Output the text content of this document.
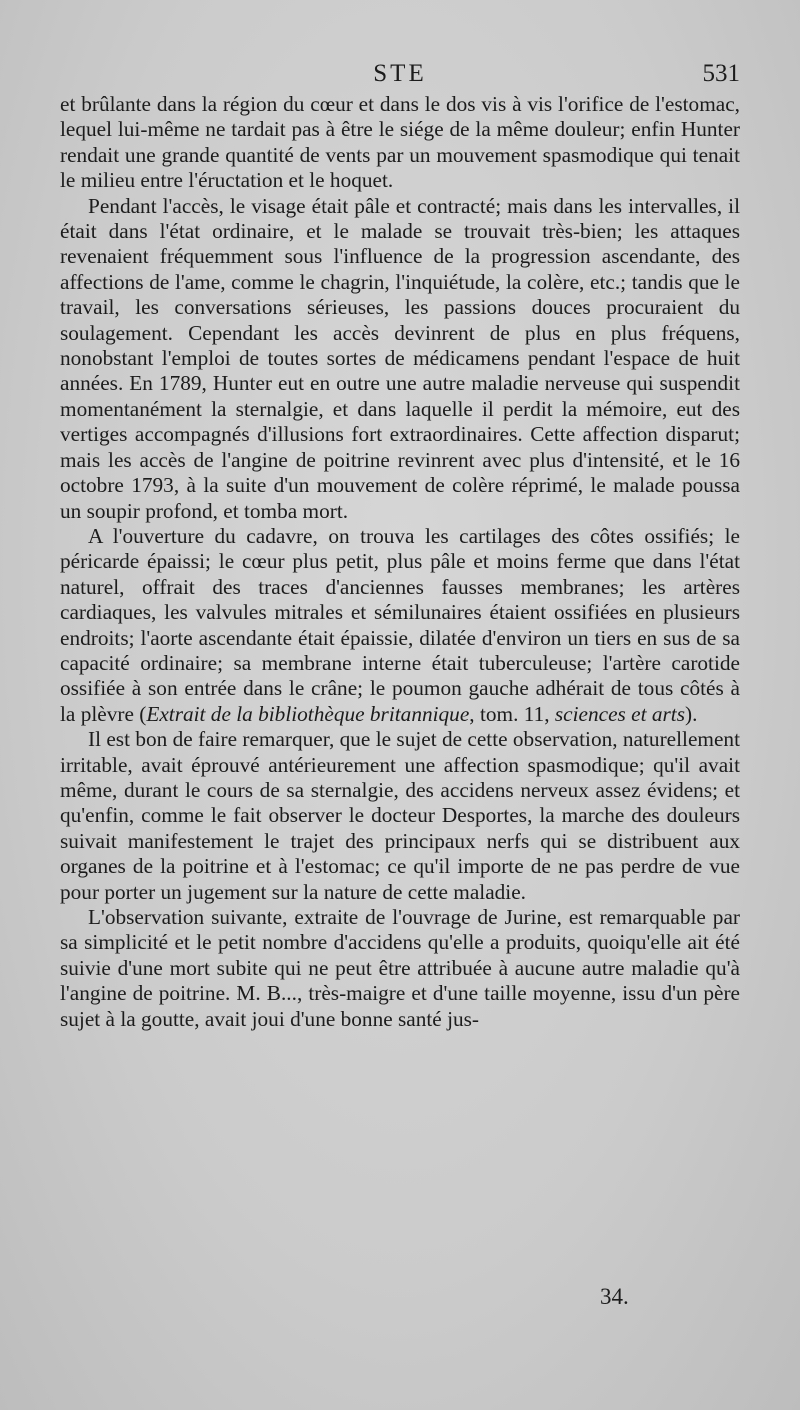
STE	531

et brûlante dans la région du cœur et dans le dos vis à vis l'orifice de l'estomac, lequel lui-même ne tardait pas à être le siége de la même douleur; enfin Hunter rendait une grande quantité de vents par un mouvement spasmodique qui tenait le milieu entre l'éructation et le hoquet.

Pendant l'accès, le visage était pâle et contracté; mais dans les intervalles, il était dans l'état ordinaire, et le malade se trouvait très-bien; les attaques revenaient fréquemment sous l'influence de la progression ascendante, des affections de l'ame, comme le chagrin, l'inquiétude, la colère, etc.; tandis que le travail, les conversations sérieuses, les passions douces procuraient du soulagement. Cependant les accès devinrent de plus en plus fréquens, nonobstant l'emploi de toutes sortes de médicamens pendant l'espace de huit années. En 1789, Hunter eut en outre une autre maladie nerveuse qui suspendit momentanément la sternalgie, et dans laquelle il perdit la mémoire, eut des vertiges accompagnés d'illusions fort extraordinaires. Cette affection disparut; mais les accès de l'angine de poitrine revinrent avec plus d'intensité, et le 16 octobre 1793, à la suite d'un mouvement de colère réprimé, le malade poussa un soupir profond, et tomba mort.

A l'ouverture du cadavre, on trouva les cartilages des côtes ossifiés; le péricarde épaissi; le cœur plus petit, plus pâle et moins ferme que dans l'état naturel, offrait des traces d'anciennes fausses membranes; les artères cardiaques, les valvules mitrales et sémilunaires étaient ossifiées en plusieurs endroits; l'aorte ascendante était épaissie, dilatée d'environ un tiers en sus de sa capacité ordinaire; sa membrane interne était tuberculeuse; l'artère carotide ossifiée à son entrée dans le crâne; le poumon gauche adhérait de tous côtés à la plèvre (Extrait de la bibliothèque britannique, tom. 11, sciences et arts).

Il est bon de faire remarquer, que le sujet de cette observation, naturellement irritable, avait éprouvé antérieurement une affection spasmodique; qu'il avait même, durant le cours de sa sternalgie, des accidens nerveux assez évidens; et qu'enfin, comme le fait observer le docteur Desportes, la marche des douleurs suivait manifestement le trajet des principaux nerfs qui se distribuent aux organes de la poitrine et à l'estomac; ce qu'il importe de ne pas perdre de vue pour porter un jugement sur la nature de cette maladie.

L'observation suivante, extraite de l'ouvrage de Jurine, est remarquable par sa simplicité et le petit nombre d'accidens qu'elle a produits, quoiqu'elle ait été suivie d'une mort subite qui ne peut être attribuée à aucune autre maladie qu'à l'angine de poitrine. M. B..., très-maigre et d'une taille moyenne, issu d'un père sujet à la goutte, avait joui d'une bonne santé jus-

34.
